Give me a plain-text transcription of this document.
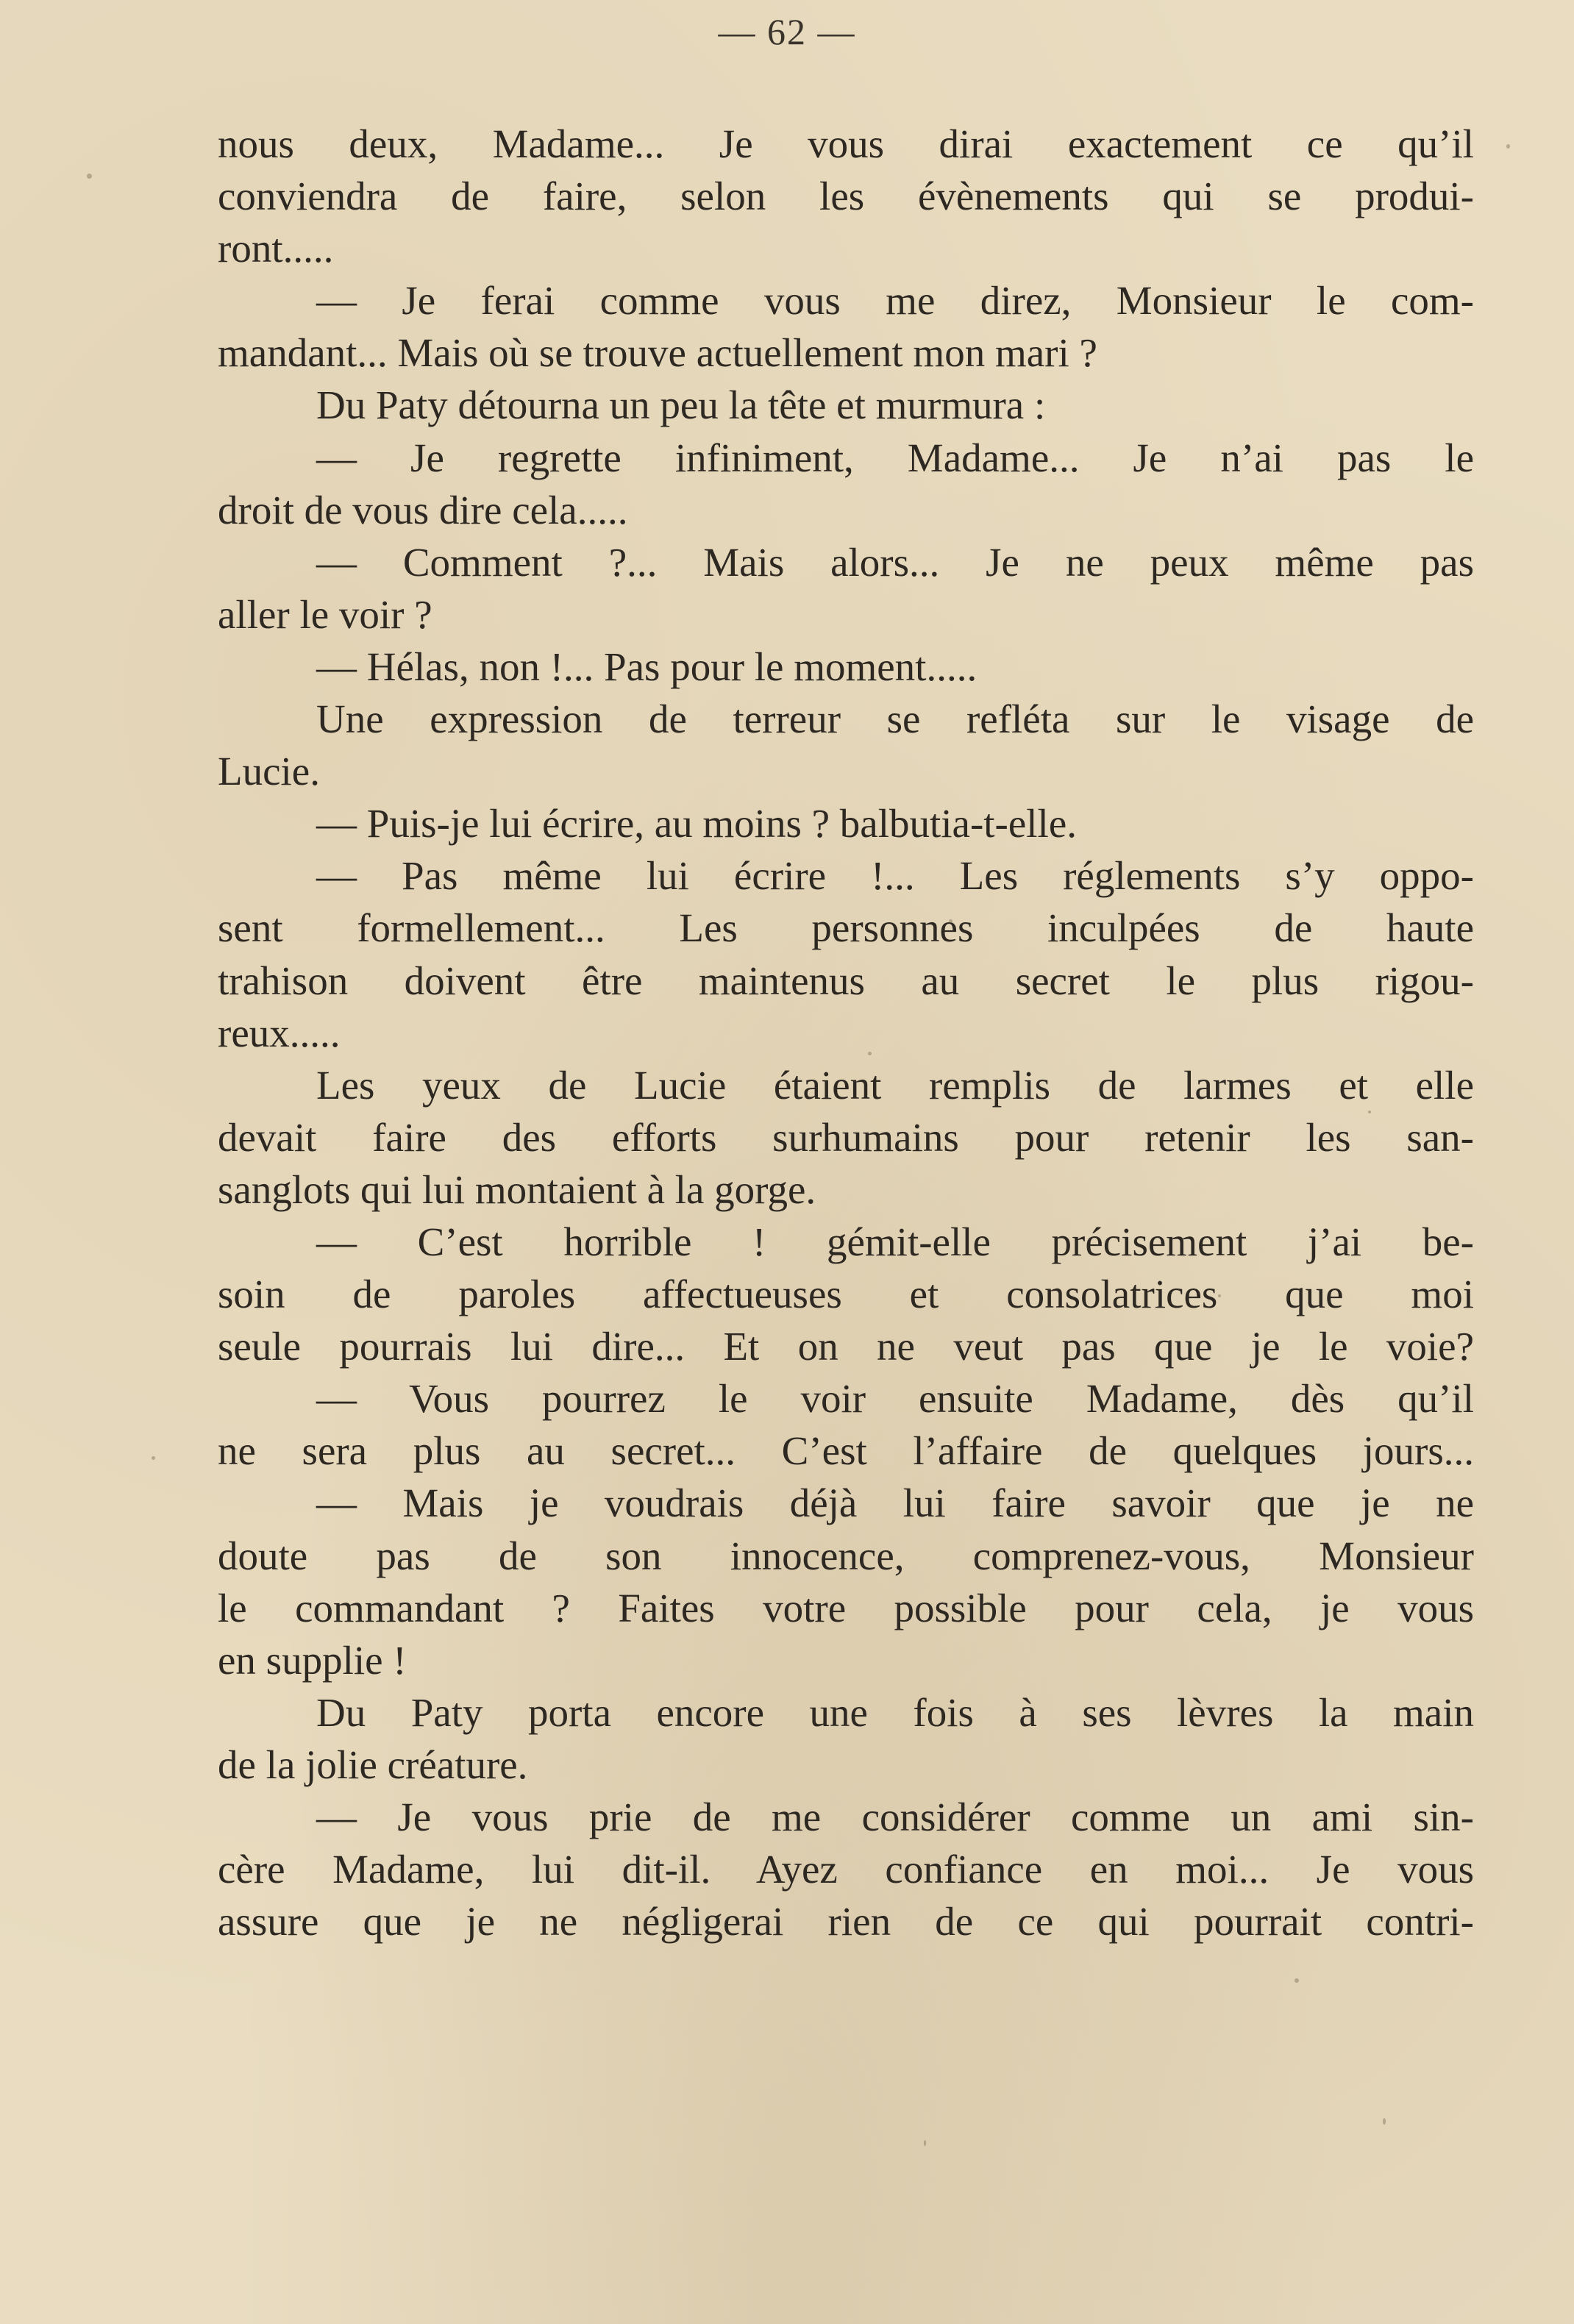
— 62 —
nous deux, Madame... Je vous dirai exactement ce qu’il
conviendra de faire, selon les évènements qui se produi-
ront.....
— Je ferai comme vous me direz, Monsieur le com-
mandant... Mais où se trouve actuellement mon mari ?
Du Paty détourna un peu la tête et murmura :
— Je regrette infiniment, Madame... Je n’ai pas le
droit de vous dire cela.....
— Comment ?... Mais alors... Je ne peux même pas
aller le voir ?
— Hélas, non !... Pas pour le moment.....
Une expression de terreur se refléta sur le visage de
Lucie.
— Puis-je lui écrire, au moins ? balbutia-t-elle.
— Pas même lui écrire !... Les réglements s’y oppo-
sent formellement... Les personnes inculpées de haute
trahison doivent être maintenus au secret le plus rigou-
reux.....
Les yeux de Lucie étaient remplis de larmes et elle
devait faire des efforts surhumains pour retenir les san-
sanglots qui lui montaient à la gorge.
— C’est horrible ! gémit-elle précisement j’ai be-
soin de paroles affectueuses et consolatrices que moi
seule pourrais lui dire... Et on ne veut pas que je le voie?
— Vous pourrez le voir ensuite Madame, dès qu’il
ne sera plus au secret... C’est l’affaire de quelques jours...
— Mais je voudrais déjà lui faire savoir que je ne
doute pas de son innocence, comprenez-vous, Monsieur
le commandant ? Faites votre possible pour cela, je vous
en supplie !
Du Paty porta encore une fois à ses lèvres la main
de la jolie créature.
— Je vous prie de me considérer comme un ami sin-
cère Madame, lui dit-il. Ayez confiance en moi... Je vous
assure que je ne négligerai rien de ce qui pourrait contri-
